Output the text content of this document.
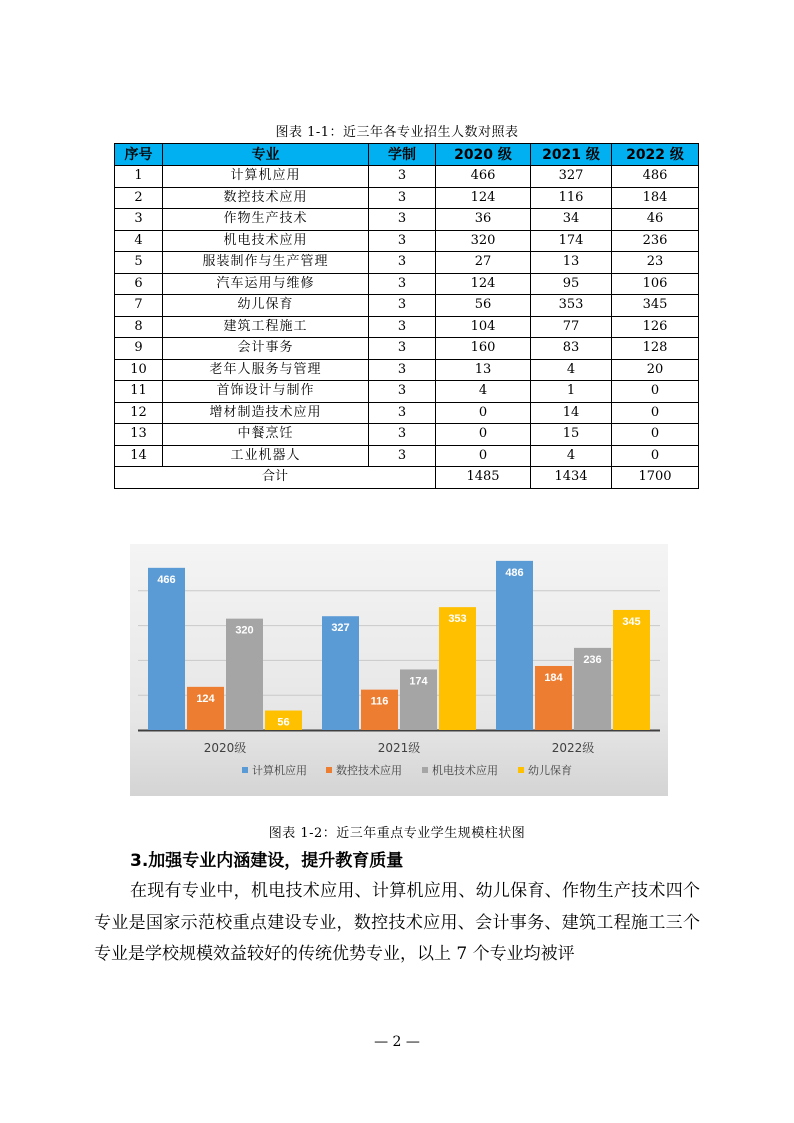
图表 1-1：近三年各专业招生人数对照表
序号	专业	学制	2020 级	2021 级	2022 级
1	计算机应用	3	466	327	486
2	数控技术应用	3	124	116	184
3	作物生产技术	3	36	34	46
4	机电技术应用	3	320	174	236
5	服装制作与生产管理	3	27	13	23
6	汽车运用与维修	3	124	95	106
7	幼儿保育	3	56	353	345
8	建筑工程施工	3	104	77	126
9	会计事务	3	160	83	128
10	老年人服务与管理	3	13	4	20
11	首饰设计与制作	3	4	1	0
12	增材制造技术应用	3	0	14	0
13	中餐烹饪	3	0	15	0
14	工业机器人	3	0	4	0
合计			1485	1434	1700
466
124
320
56
2020级
327
116
174
353
2021级
486
184
236
345
2022级
计算机应用	数控技术应用	机电技术应用	幼儿保育
图表 1-2：近三年重点专业学生规模柱状图
3.加强专业内涵建设，提升教育质量
在现有专业中，机电技术应用、计算机应用、幼儿保育、作物生产技术四个专业是国家示范校重点建设专业，数控技术应用、会计事务、建筑工程施工三个专业是学校规模效益较好的传统优势专业，以上 7 个专业均被评
— 2 —
